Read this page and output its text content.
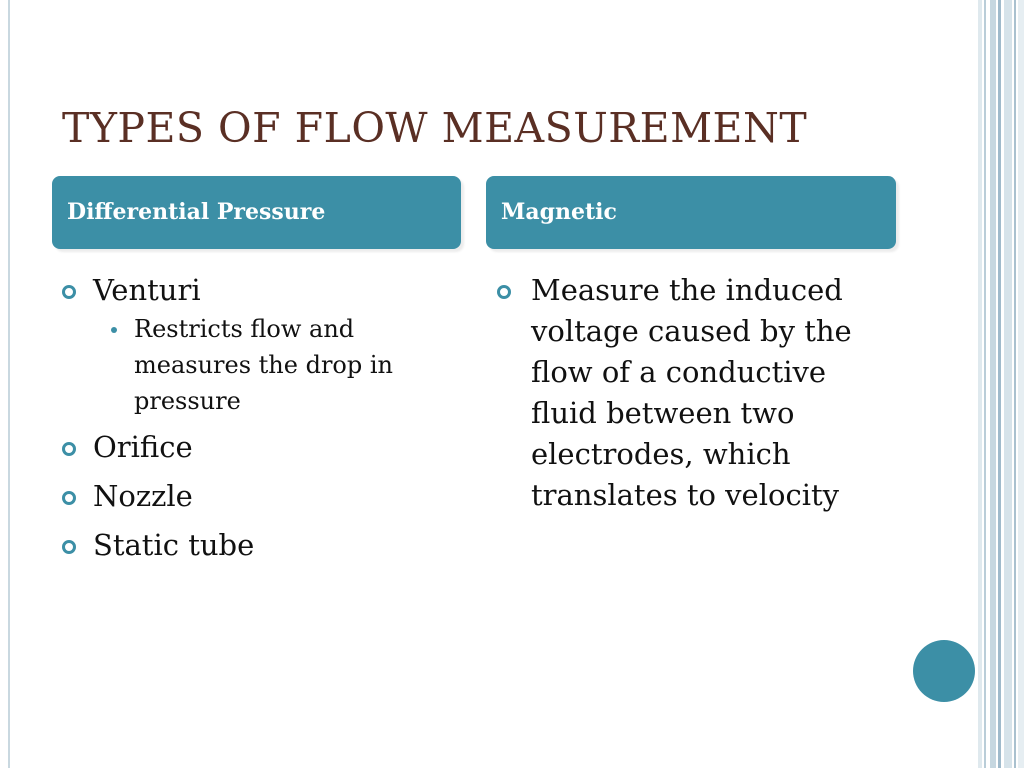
TYPES OF FLOW MEASUREMENT
Differential Pressure	Magnetic
Venturi
Restricts flow and measures the drop in pressure
Orifice
Nozzle
Static tube
Measure the induced voltage caused by the flow of a conductive fluid between two electrodes, which translates to velocity
